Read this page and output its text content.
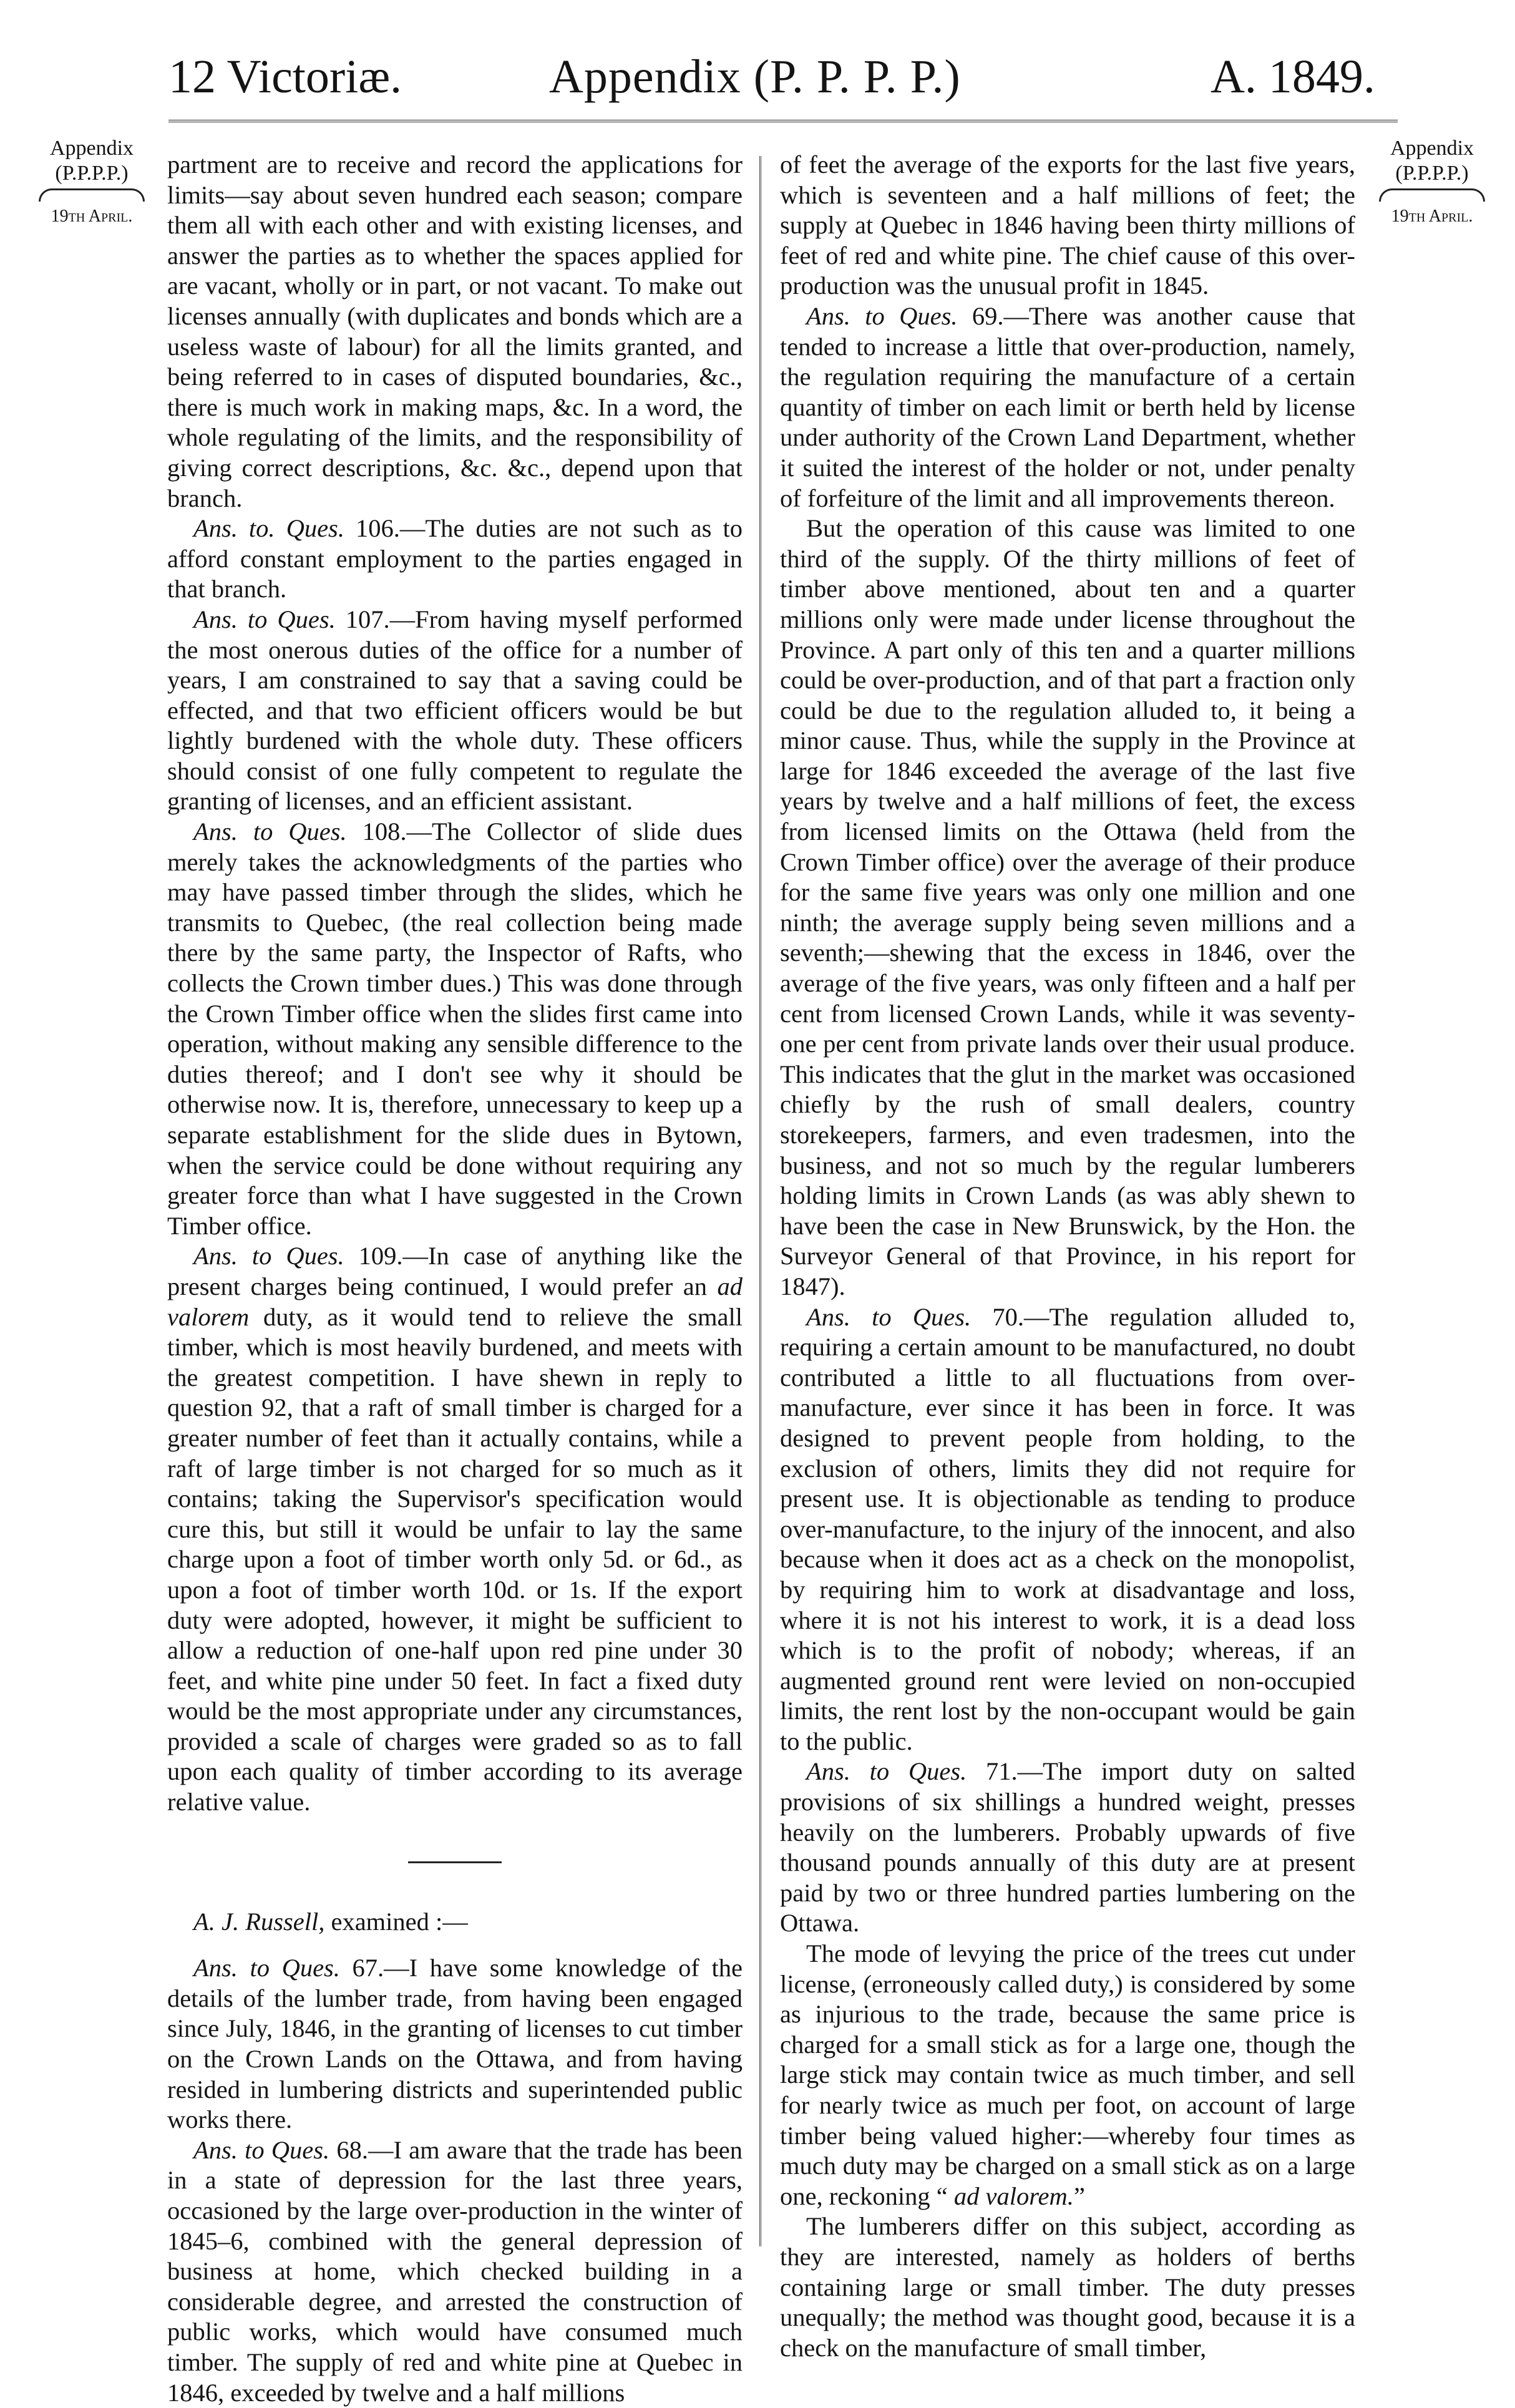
12 Victoriæ.	Appendix (P. P. P. P.)	A. 1849.
Appendix
(P.P.P.P.)
19th April.
Appendix
(P.P.P.P.)
19th April.

partment are to receive and record the applications for limits—say about seven hundred each season; compare them all with each other and with existing licenses, and answer the parties as to whether the spaces applied for are vacant, wholly or in part, or not vacant. To make out licenses annually (with duplicates and bonds which are a useless waste of labour) for all the limits granted, and being referred to in cases of disputed boundaries, &c., there is much work in making maps, &c. In a word, the whole regulating of the limits, and the responsibility of giving correct descriptions, &c. &c., depend upon that branch.

Ans. to. Ques. 106.—The duties are not such as to afford constant employment to the parties engaged in that branch.

Ans. to Ques. 107.—From having myself performed the most onerous duties of the office for a number of years, I am constrained to say that a saving could be effected, and that two efficient officers would be but lightly burdened with the whole duty. These officers should consist of one fully competent to regulate the granting of licenses, and an efficient assistant.

Ans. to Ques. 108.—The Collector of slide dues merely takes the acknowledgments of the parties who may have passed timber through the slides, which he transmits to Quebec, (the real collection being made there by the same party, the Inspector of Rafts, who collects the Crown timber dues.) This was done through the Crown Timber office when the slides first came into operation, without making any sensible difference to the duties thereof; and I don't see why it should be otherwise now. It is, therefore, unnecessary to keep up a separate establishment for the slide dues in Bytown, when the service could be done without requiring any greater force than what I have suggested in the Crown Timber office.

Ans. to Ques. 109.—In case of anything like the present charges being continued, I would prefer an ad valorem duty, as it would tend to relieve the small timber, which is most heavily burdened, and meets with the greatest competition. I have shewn in reply to question 92, that a raft of small timber is charged for a greater number of feet than it actually contains, while a raft of large timber is not charged for so much as it contains; taking the Supervisor's specification would cure this, but still it would be unfair to lay the same charge upon a foot of timber worth only 5d. or 6d., as upon a foot of timber worth 10d. or 1s. If the export duty were adopted, however, it might be sufficient to allow a reduction of one-half upon red pine under 30 feet, and white pine under 50 feet. In fact a fixed duty would be the most appropriate under any circumstances, provided a scale of charges were graded so as to fall upon each quality of timber according to its average relative value.

A. J. Russell, examined :—

Ans. to Ques. 67.—I have some knowledge of the details of the lumber trade, from having been engaged since July, 1846, in the granting of licenses to cut timber on the Crown Lands on the Ottawa, and from having resided in lumbering districts and superintended public works there.

Ans. to Ques. 68.—I am aware that the trade has been in a state of depression for the last three years, occasioned by the large over-production in the winter of 1845–6, combined with the general depression of business at home, which checked building in a considerable degree, and arrested the construction of public works, which would have consumed much timber. The supply of red and white pine at Quebec in 1846, exceeded by twelve and a half millions

of feet the average of the exports for the last five years, which is seventeen and a half millions of feet; the supply at Quebec in 1846 having been thirty millions of feet of red and white pine. The chief cause of this over-production was the unusual profit in 1845.

Ans. to Ques. 69.—There was another cause that tended to increase a little that over-production, namely, the regulation requiring the manufacture of a certain quantity of timber on each limit or berth held by license under authority of the Crown Land Department, whether it suited the interest of the holder or not, under penalty of forfeiture of the limit and all improvements thereon.

But the operation of this cause was limited to one third of the supply. Of the thirty millions of feet of timber above mentioned, about ten and a quarter millions only were made under license throughout the Province. A part only of this ten and a quarter millions could be over-production, and of that part a fraction only could be due to the regulation alluded to, it being a minor cause. Thus, while the supply in the Province at large for 1846 exceeded the average of the last five years by twelve and a half millions of feet, the excess from licensed limits on the Ottawa (held from the Crown Timber office) over the average of their produce for the same five years was only one million and one ninth; the average supply being seven millions and a seventh;—shewing that the excess in 1846, over the average of the five years, was only fifteen and a half per cent from licensed Crown Lands, while it was seventy-one per cent from private lands over their usual produce. This indicates that the glut in the market was occasioned chiefly by the rush of small dealers, country storekeepers, farmers, and even tradesmen, into the business, and not so much by the regular lumberers holding limits in Crown Lands (as was ably shewn to have been the case in New Brunswick, by the Hon. the Surveyor General of that Province, in his report for 1847).

Ans. to Ques. 70.—The regulation alluded to, requiring a certain amount to be manufactured, no doubt contributed a little to all fluctuations from over-manufacture, ever since it has been in force. It was designed to prevent people from holding, to the exclusion of others, limits they did not require for present use. It is objectionable as tending to produce over-manufacture, to the injury of the innocent, and also because when it does act as a check on the monopolist, by requiring him to work at disadvantage and loss, where it is not his interest to work, it is a dead loss which is to the profit of nobody; whereas, if an augmented ground rent were levied on non-occupied limits, the rent lost by the non-occupant would be gain to the public.

Ans. to Ques. 71.—The import duty on salted provisions of six shillings a hundred weight, presses heavily on the lumberers. Probably upwards of five thousand pounds annually of this duty are at present paid by two or three hundred parties lumbering on the Ottawa.

The mode of levying the price of the trees cut under license, (erroneously called duty,) is considered by some as injurious to the trade, because the same price is charged for a small stick as for a large one, though the large stick may contain twice as much timber, and sell for nearly twice as much per foot, on account of large timber being valued higher:—whereby four times as much duty may be charged on a small stick as on a large one, reckoning “ ad valorem.”

The lumberers differ on this subject, according as they are interested, namely as holders of berths containing large or small timber. The duty presses unequally; the method was thought good, because it is a check on the manufacture of small timber,
